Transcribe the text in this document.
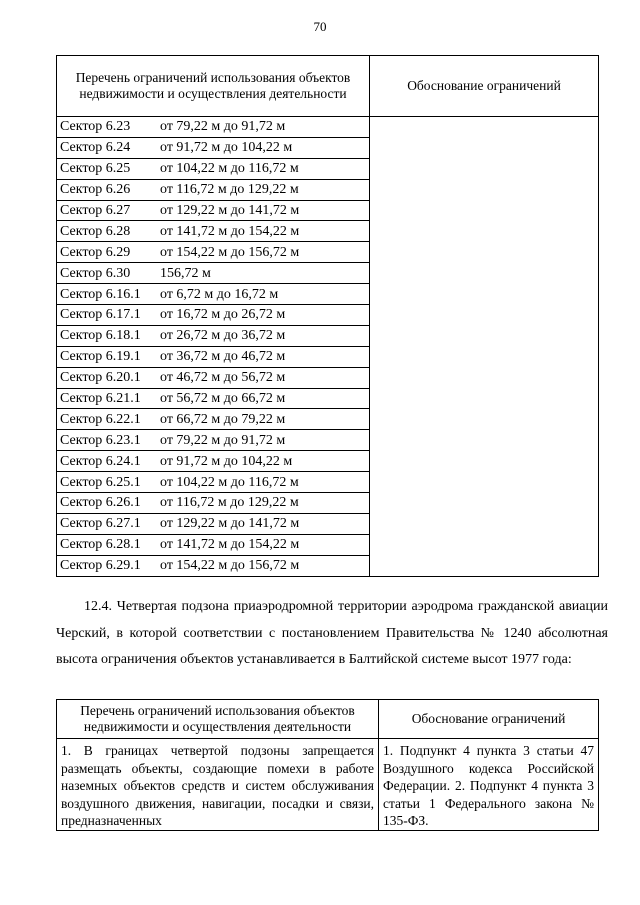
70
Перечень ограничений использования объектов недвижимости и осуществления деятельности	Обоснование ограничений
Сектор 6.23 от 79,22 м до 91,72 м	
Сектор 6.24 от 91,72 м до 104,22 м	
Сектор 6.25 от 104,22 м до 116,72 м	
Сектор 6.26 от 116,72 м до 129,22 м	
Сектор 6.27 от 129,22 м до 141,72 м	
Сектор 6.28 от 141,72 м до 154,22 м	
Сектор 6.29 от 154,22 м до 156,72 м	
Сектор 6.30 156,72 м	
Сектор 6.16.1 от 6,72 м до 16,72 м	
Сектор 6.17.1 от 16,72 м до 26,72 м	
Сектор 6.18.1 от 26,72 м до 36,72 м	
Сектор 6.19.1 от 36,72 м до 46,72 м	
Сектор 6.20.1 от 46,72 м до 56,72 м	
Сектор 6.21.1 от 56,72 м до 66,72 м	
Сектор 6.22.1 от 66,72 м до 79,22 м	
Сектор 6.23.1 от 79,22 м до 91,72 м	
Сектор 6.24.1 от 91,72 м до 104,22 м	
Сектор 6.25.1 от 104,22 м до 116,72 м	
Сектор 6.26.1 от 116,72 м до 129,22 м	
Сектор 6.27.1 от 129,22 м до 141,72 м	
Сектор 6.28.1 от 141,72 м до 154,22 м	
Сектор 6.29.1 от 154,22 м до 156,72 м	

12.4. Четвертая подзона приаэродромной территории аэродрома гражданской авиации Черский, в которой соответствии с постановлением Правительства № 1240 абсолютная высота ограничения объектов устанавливается в Балтийской системе высот 1977 года:

Перечень ограничений использования объектов недвижимости и осуществления деятельности	Обоснование ограничений

1. В границах четвертой подзоны запрещается размещать объекты, создающие помехи в работе наземных объектов средств и систем обслуживания воздушного движения, навигации, посадки и связи, предназначенных	1. Подпункт 4 пункта 3 статьи 47 Воздушного кодекса Российской Федерации. 2. Подпункт 4 пункта 3 статьи 1 Федерального закона № 135-ФЗ.
